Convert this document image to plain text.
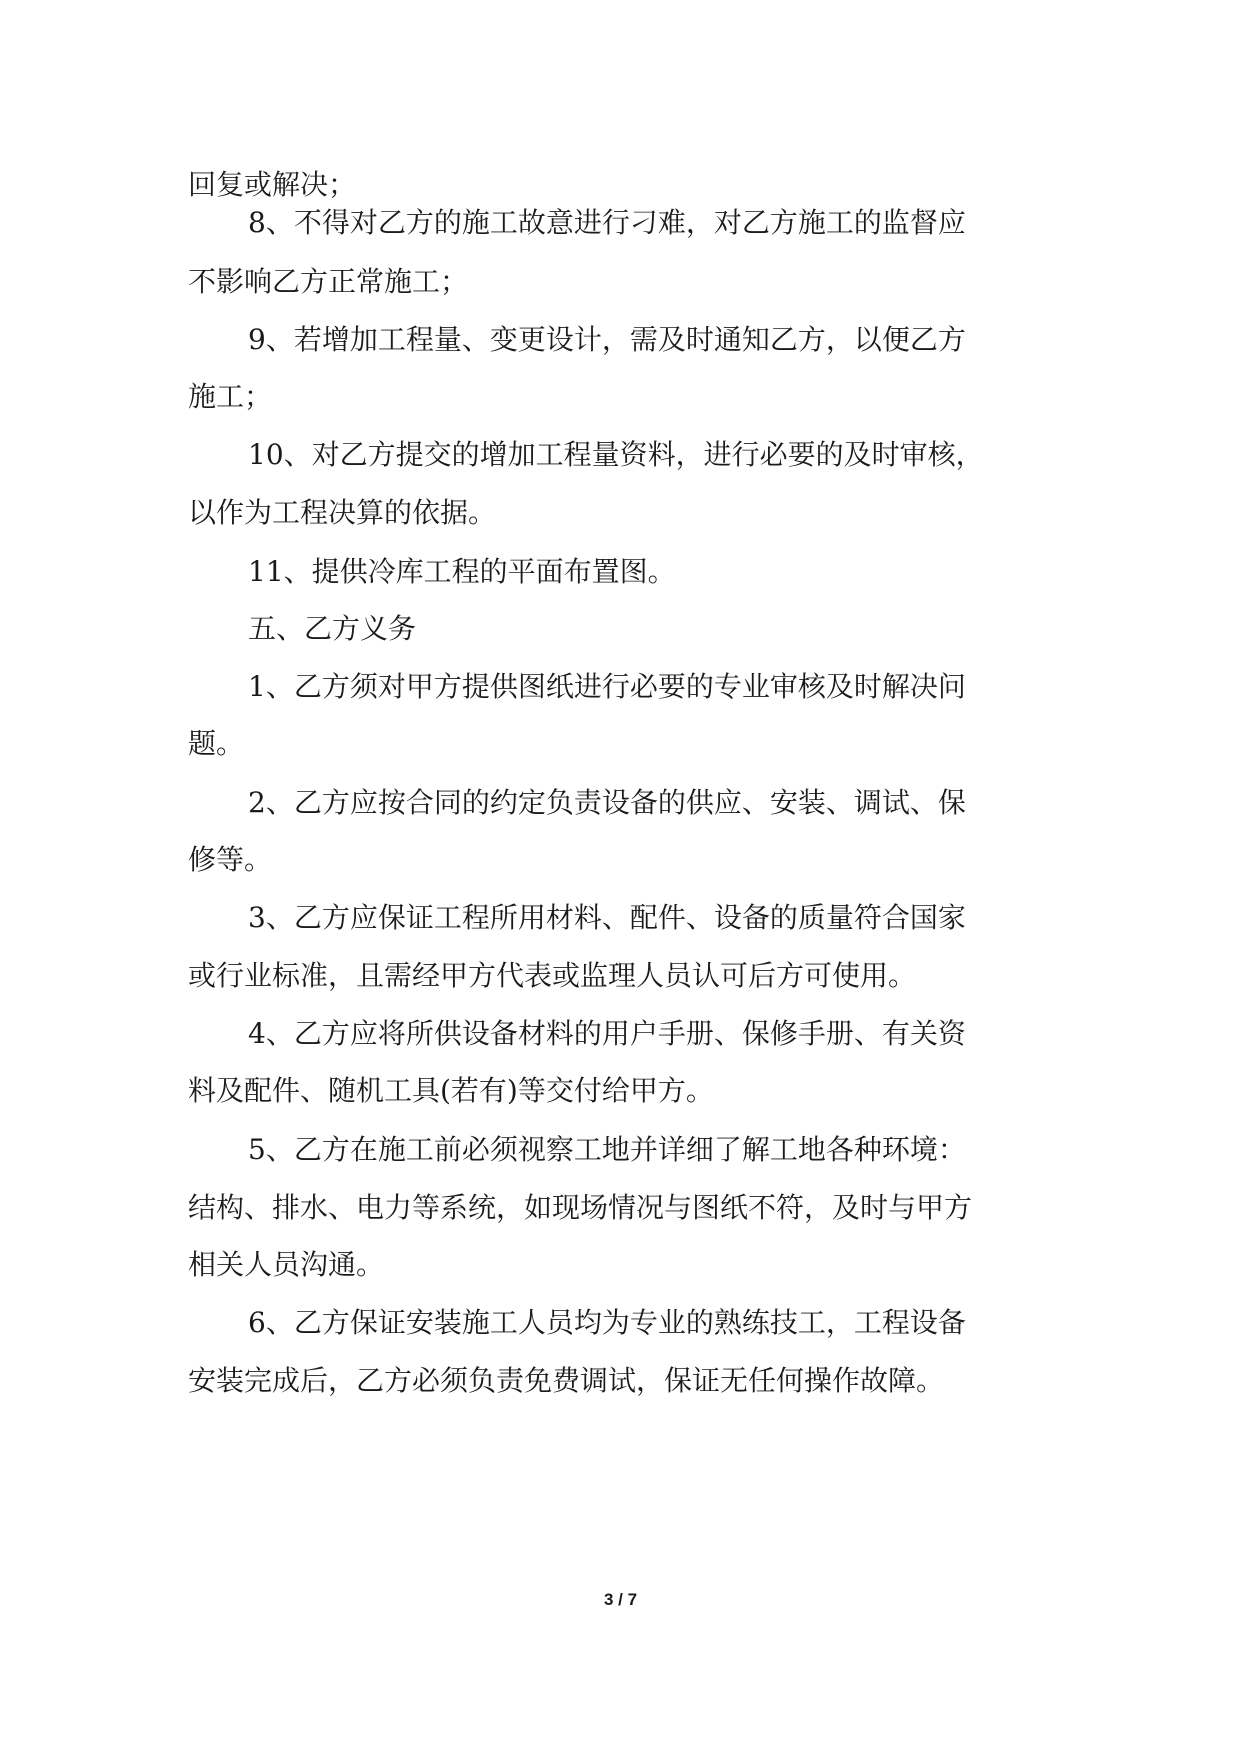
回复或解决；
8、不得对乙方的施工故意进行刁难，对乙方施工的监督应
不影响乙方正常施工；
9、若增加工程量、变更设计，需及时通知乙方，以便乙方
施工；
10、对乙方提交的增加工程量资料，进行必要的及时审核，
以作为工程决算的依据。
11、提供冷库工程的平面布置图。
五、乙方义务
1、乙方须对甲方提供图纸进行必要的专业审核及时解决问
题。
2、乙方应按合同的约定负责设备的供应、安装、调试、保
修等。
3、乙方应保证工程所用材料、配件、设备的质量符合国家
或行业标准，且需经甲方代表或监理人员认可后方可使用。
4、乙方应将所供设备材料的用户手册、保修手册、有关资
料及配件、随机工具(若有)等交付给甲方。
5、乙方在施工前必须视察工地并详细了解工地各种环境：
结构、排水、电力等系统，如现场情况与图纸不符，及时与甲方
相关人员沟通。
6、乙方保证安装施工人员均为专业的熟练技工，工程设备
安装完成后，乙方必须负责免费调试，保证无任何操作故障。
3 / 7
